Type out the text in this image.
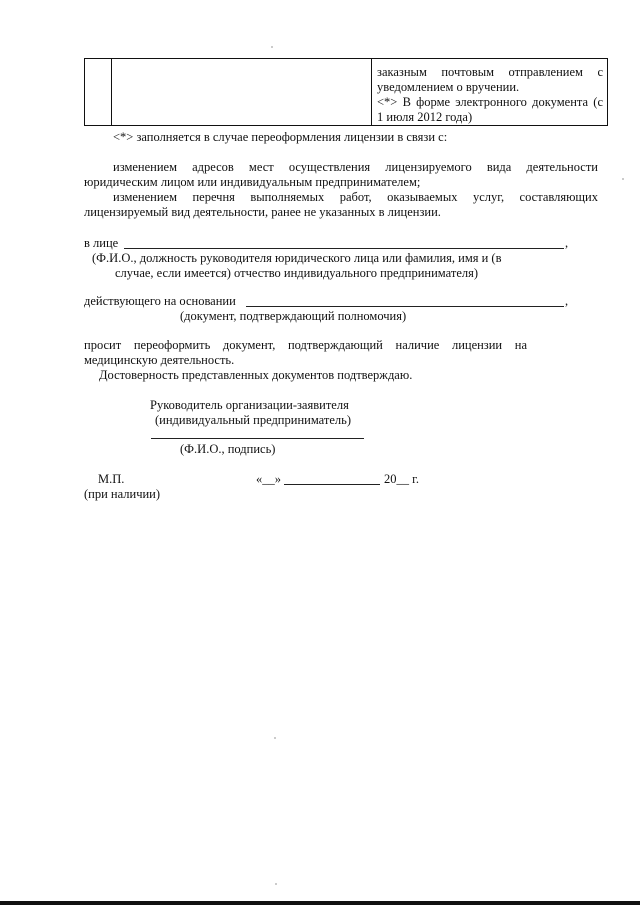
заказным почтовым отправлением с
уведомлением о вручении.
<*> В форме электронного документа (с
1 июля 2012 года)
<*> заполняется в случае переоформления лицензии в связи с:
изменением адресов мест осуществления лицензируемого вида деятельности
юридическим лицом или индивидуальным предпринимателем;
изменением перечня выполняемых работ, оказываемых услуг, составляющих
лицензируемый вид деятельности, ранее не указанных в лицензии.
в лице	,
(Ф.И.О., должность руководителя юридического лица или фамилия, имя и (в
случае, если имеется) отчество индивидуального предпринимателя)
действующего на основании	,
(документ, подтверждающий полномочия)
просит переоформить документ, подтверждающий наличие лицензии на
медицинскую деятельность.
Достоверность представленных документов подтверждаю.
Руководитель организации-заявителя
(индивидуальный предприниматель)
(Ф.И.О., подпись)
М.П.
(при наличии)
«__»	20__ г.
